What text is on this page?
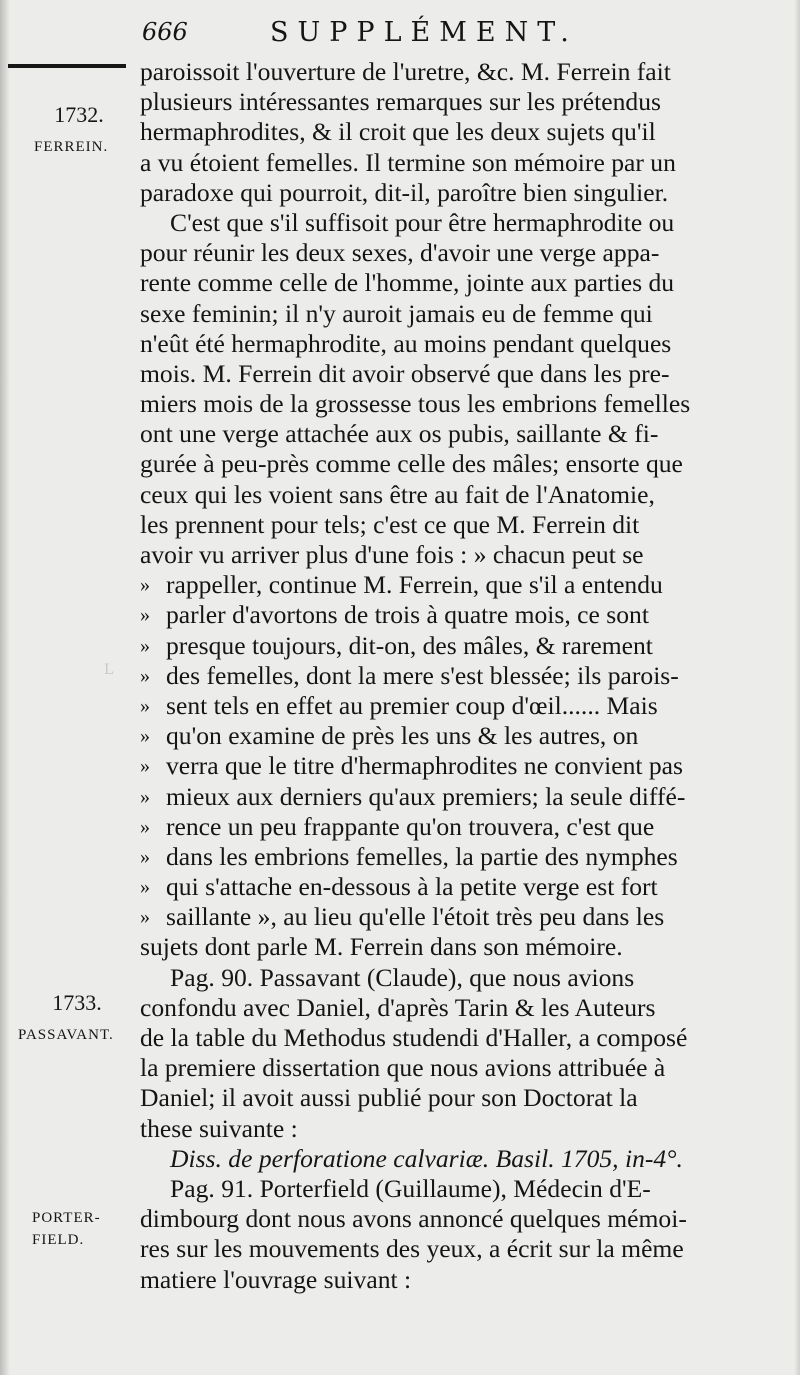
666	SUPPLÉMENT.
L
1732.
FERREIN.
1733.
PASSAVANT.
PORTER-
FIELD.
paroissoit l'ouverture de l'uretre, &c. M. Ferrein fait
plusieurs intéressantes remarques sur les prétendus
hermaphrodites, & il croit que les deux sujets qu'il
a vu étoient femelles. Il termine son mémoire par un
paradoxe qui pourroit, dit-il, paroître bien singulier.
C'est que s'il suffisoit pour être hermaphrodite ou
pour réunir les deux sexes, d'avoir une verge appa-
rente comme celle de l'homme, jointe aux parties du
sexe feminin; il n'y auroit jamais eu de femme qui
n'eût été hermaphrodite, au moins pendant quelques
mois. M. Ferrein dit avoir observé que dans les pre-
miers mois de la grossesse tous les embrions femelles
ont une verge attachée aux os pubis, saillante & fi-
gurée à peu-près comme celle des mâles; ensorte que
ceux qui les voient sans être au fait de l'Anatomie,
les prennent pour tels; c'est ce que M. Ferrein dit
avoir vu arriver plus d'une fois : » chacun peut se
» rappeller, continue M. Ferrein, que s'il a entendu
» parler d'avortons de trois à quatre mois, ce sont
» presque toujours, dit-on, des mâles, & rarement
» des femelles, dont la mere s'est blessée; ils parois-
» sent tels en effet au premier coup d'œil...... Mais
» qu'on examine de près les uns & les autres, on
» verra que le titre d'hermaphrodites ne convient pas
» mieux aux derniers qu'aux premiers; la seule diffé-
» rence un peu frappante qu'on trouvera, c'est que
» dans les embrions femelles, la partie des nymphes
» qui s'attache en-dessous à la petite verge est fort
» saillante », au lieu qu'elle l'étoit très peu dans les
sujets dont parle M. Ferrein dans son mémoire.
Pag. 90. Passavant (Claude), que nous avions
confondu avec Daniel, d'après Tarin & les Auteurs
de la table du Methodus studendi d'Haller, a composé
la premiere dissertation que nous avions attribuée à
Daniel; il avoit aussi publié pour son Doctorat la
these suivante :
Diss. de perforatione calvariæ. Basil. 1705, in-4°.
Pag. 91. Porterfield (Guillaume), Médecin d'E-
dimbourg dont nous avons annoncé quelques mémoi-
res sur les mouvements des yeux, a écrit sur la même
matiere l'ouvrage suivant :
